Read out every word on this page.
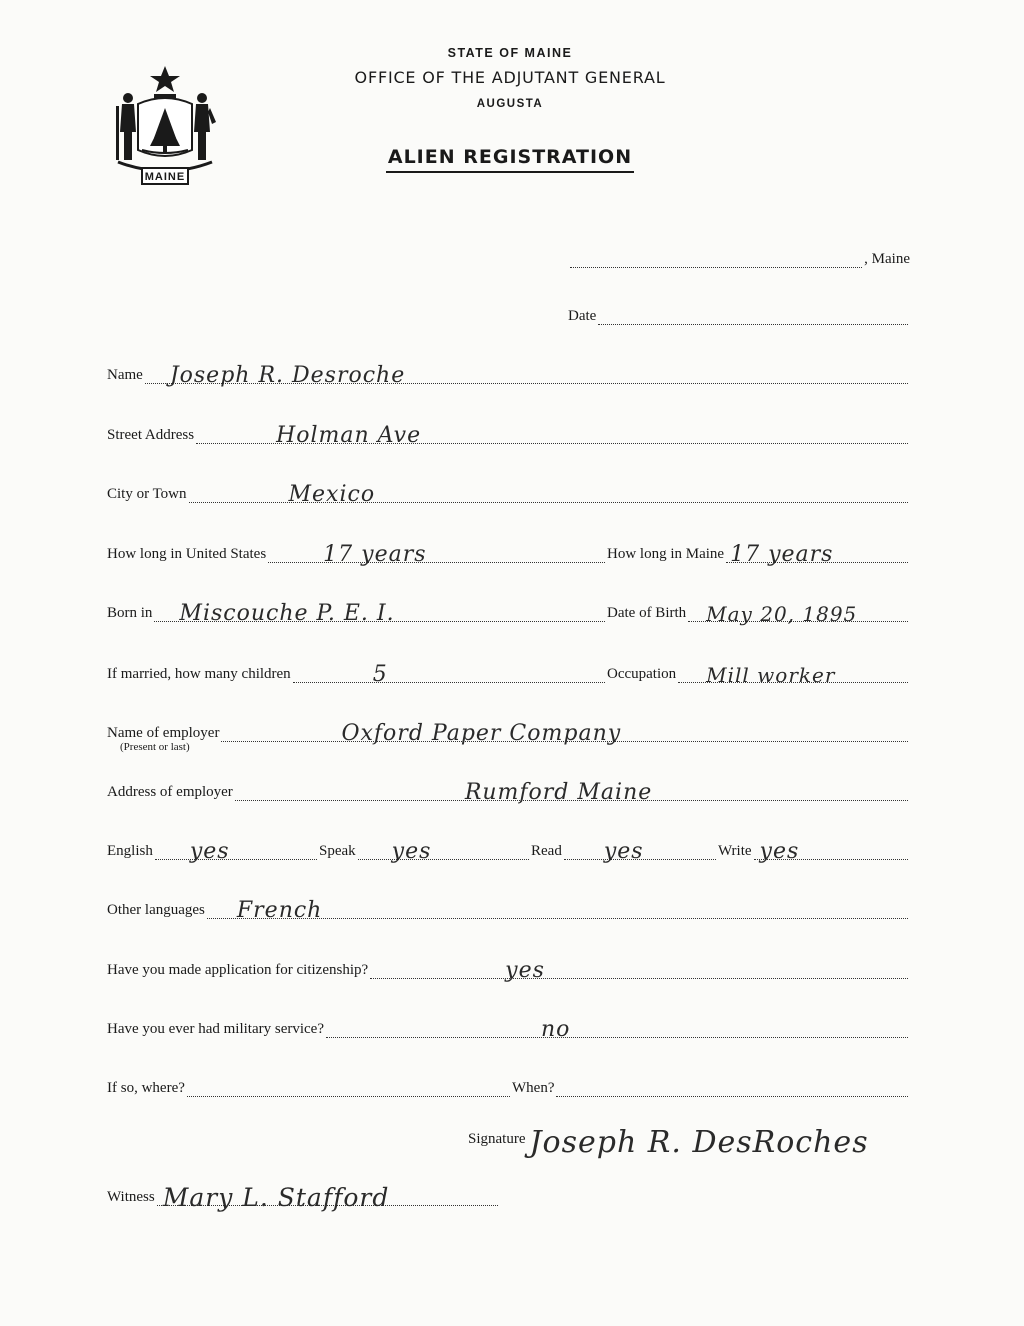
STATE OF MAINE
OFFICE OF THE ADJUTANT GENERAL
AUGUSTA
ALIEN REGISTRATION
MAINE
, Maine
Date
Name Joseph R. Desroche
Street Address	Holman Ave
City or Town	Mexico
How long in United States	17 years	How long in Maine 17 years
Born in Miscouche P. E. I.	Date of Birth May 20, 1895
If married, how many children	5	Occupation Mill worker
Name of employer	Oxford Paper Company
(Present or last)
Address of employer	Rumford Maine
English yes	Speak yes	Read yes	Write yes
Other languages French
Have you made application for citizenship?	yes
Have you ever had military service?	no
If so, where?	When?
Signature Joseph R. DesRoches
Witness Mary L. Stafford
